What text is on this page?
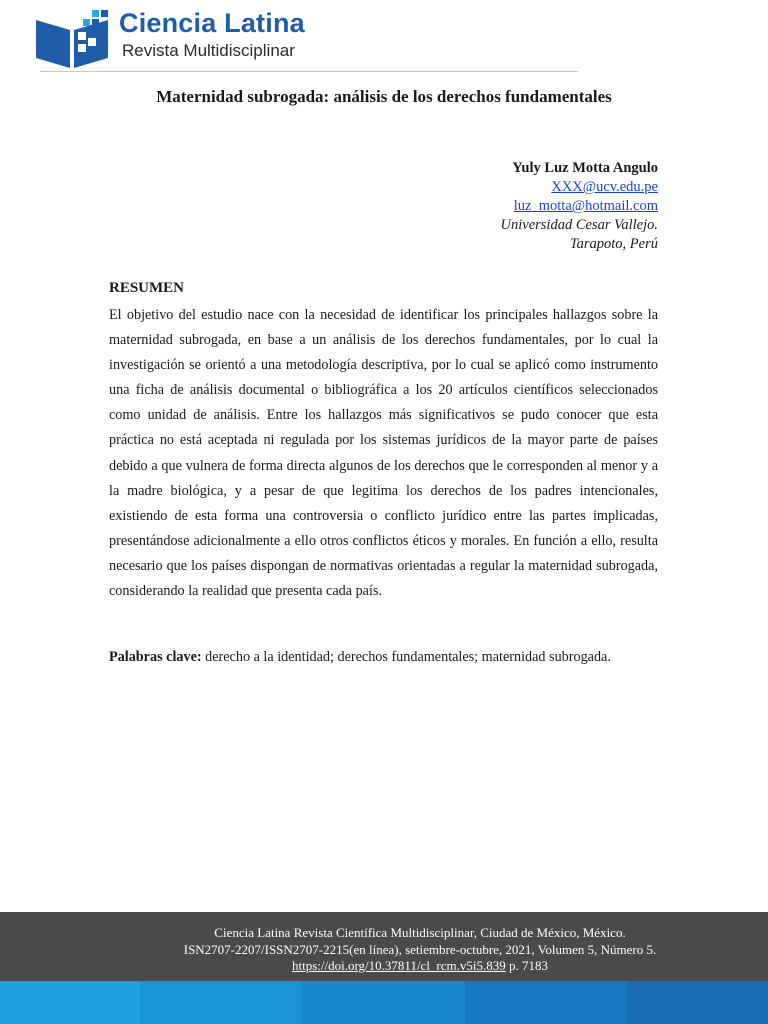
Ciencia Latina
Revista Multidisciplinar
Maternidad subrogada: análisis de los derechos fundamentales
Yuly Luz Motta Angulo
XXX@ucv.edu.pe
luz_motta@hotmail.com
Universidad Cesar Vallejo.
Tarapoto, Perú
RESUMEN

El objetivo del estudio nace con la necesidad de identificar los principales hallazgos sobre la maternidad subrogada, en base a un análisis de los derechos fundamentales, por lo cual la investigación se orientó a una metodología descriptiva, por lo cual se aplicó como instrumento una ficha de análisis documental o bibliográfica a los 20 artículos científicos seleccionados como unidad de análisis. Entre los hallazgos más significativos se pudo conocer que esta práctica no está aceptada ni regulada por los sistemas jurídicos de la mayor parte de países debido a que vulnera de forma directa algunos de los derechos que le corresponden al menor y a la madre biológica, y a pesar de que legitima los derechos de los padres intencionales, existiendo de esta forma una controversia o conflicto jurídico entre las partes implicadas, presentándose adicionalmente a ello otros conflictos éticos y morales. En función a ello, resulta necesario que los países dispongan de normativas orientadas a regular la maternidad subrogada, considerando la realidad que presenta cada país.

Palabras clave: derecho a la identidad; derechos fundamentales; maternidad subrogada.
Ciencia Latina Revista Científica Multidisciplinar, Ciudad de México, México.
ISN2707-2207/ISSN2707-2215(en línea), setiembre-octubre, 2021, Volumen 5, Número 5.
https://doi.org/10.37811/cl_rcm.v5i5.839 p. 7183
